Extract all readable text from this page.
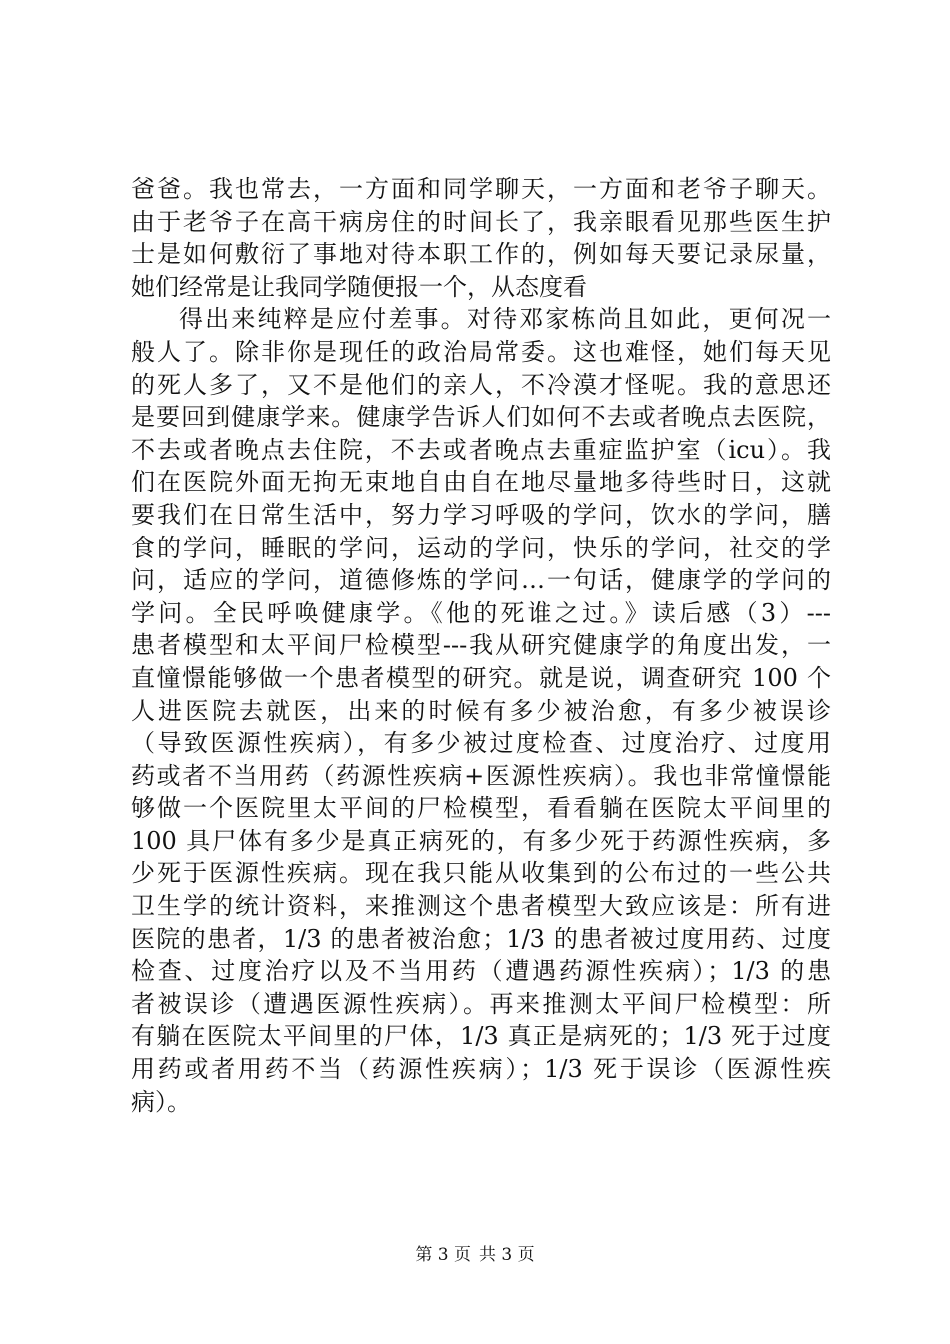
爸爸。我也常去，一方面和同学聊天，一方面和老爷子聊天。
由于老爷子在高干病房住的时间长了，我亲眼看见那些医生护
士是如何敷衍了事地对待本职工作的，例如每天要记录尿量，
她们经常是让我同学随便报一个，从态度看
得出来纯粹是应付差事。对待邓家栋尚且如此，更何况一
般人了。除非你是现任的政治局常委。这也难怪，她们每天见
的死人多了，又不是他们的亲人，不冷漠才怪呢。我的意思还
是要回到健康学来。健康学告诉人们如何不去或者晚点去医院，
不去或者晚点去住院，不去或者晚点去重症监护室（icu）。我
们在医院外面无拘无束地自由自在地尽量地多待些时日，这就
要我们在日常生活中，努力学习呼吸的学问，饮水的学问，膳
食的学问，睡眠的学问，运动的学问，快乐的学问，社交的学
问，适应的学问，道德修炼的学问…一句话，健康学的学问的
学问。全民呼唤健康学。《他的死谁之过。》读后感（3）---
患者模型和太平间尸检模型---我从研究健康学的角度出发，一
直憧憬能够做一个患者模型的研究。就是说，调查研究 100 个
人进医院去就医，出来的时候有多少被治愈，有多少被误诊
（导致医源性疾病），有多少被过度检查、过度治疗、过度用
药或者不当用药（药源性疾病+医源性疾病）。我也非常憧憬能
够做一个医院里太平间的尸检模型，看看躺在医院太平间里的
100 具尸体有多少是真正病死的，有多少死于药源性疾病，多
少死于医源性疾病。现在我只能从收集到的公布过的一些公共
卫生学的统计资料，来推测这个患者模型大致应该是：所有进
医院的患者，1/3 的患者被治愈；1/3 的患者被过度用药、过度
检查、过度治疗以及不当用药（遭遇药源性疾病）；1/3 的患
者被误诊（遭遇医源性疾病）。再来推测太平间尸检模型：所
有躺在医院太平间里的尸体，1/3 真正是病死的；1/3 死于过度
用药或者用药不当（药源性疾病）；1/3 死于误诊（医源性疾
病）。
第 3 页 共 3 页
